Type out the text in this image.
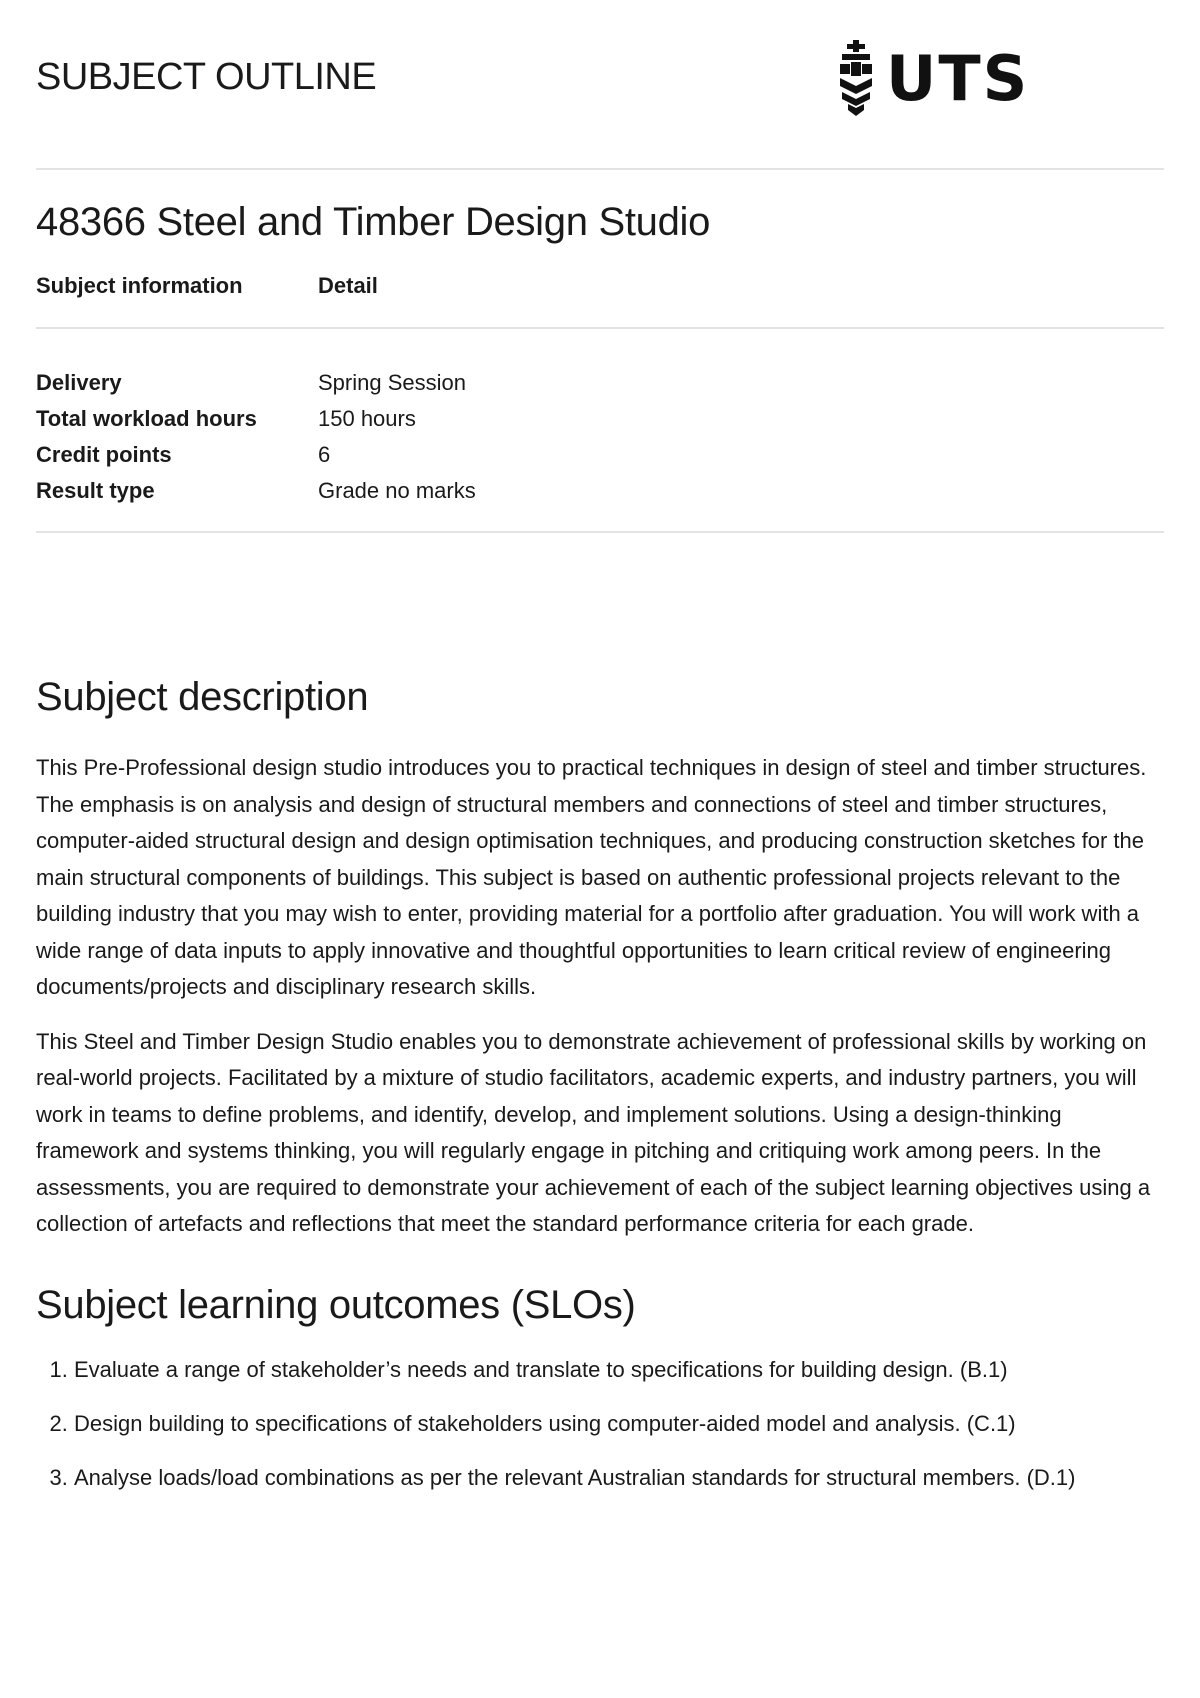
SUBJECT OUTLINE	UTS
48366 Steel and Timber Design Studio
Subject information	Detail
Delivery	Spring Session
Total workload hours	150 hours
Credit points	6
Result type	Grade no marks
Subject description

This Pre-Professional design studio introduces you to practical techniques in design of steel and timber structures. The emphasis is on analysis and design of structural members and connections of steel and timber structures, computer-aided structural design and design optimisation techniques, and producing construction sketches for the main structural components of buildings. This subject is based on authentic professional projects relevant to the building industry that you may wish to enter, providing material for a portfolio after graduation. You will work with a wide range of data inputs to apply innovative and thoughtful opportunities to learn critical review of engineering documents/projects and disciplinary research skills.

This Steel and Timber Design Studio enables you to demonstrate achievement of professional skills by working on real-world projects. Facilitated by a mixture of studio facilitators, academic experts, and industry partners, you will work in teams to define problems, and identify, develop, and implement solutions. Using a design-thinking framework and systems thinking, you will regularly engage in pitching and critiquing work among peers. In the assessments, you are required to demonstrate your achievement of each of the subject learning objectives using a collection of artefacts and reflections that meet the standard performance criteria for each grade.

Subject learning outcomes (SLOs)
1. Evaluate a range of stakeholder’s needs and translate to specifications for building design. (B.1)
2. Design building to specifications of stakeholders using computer-aided model and analysis. (C.1)
3. Analyse loads/load combinations as per the relevant Australian standards for structural members. (D.1)
